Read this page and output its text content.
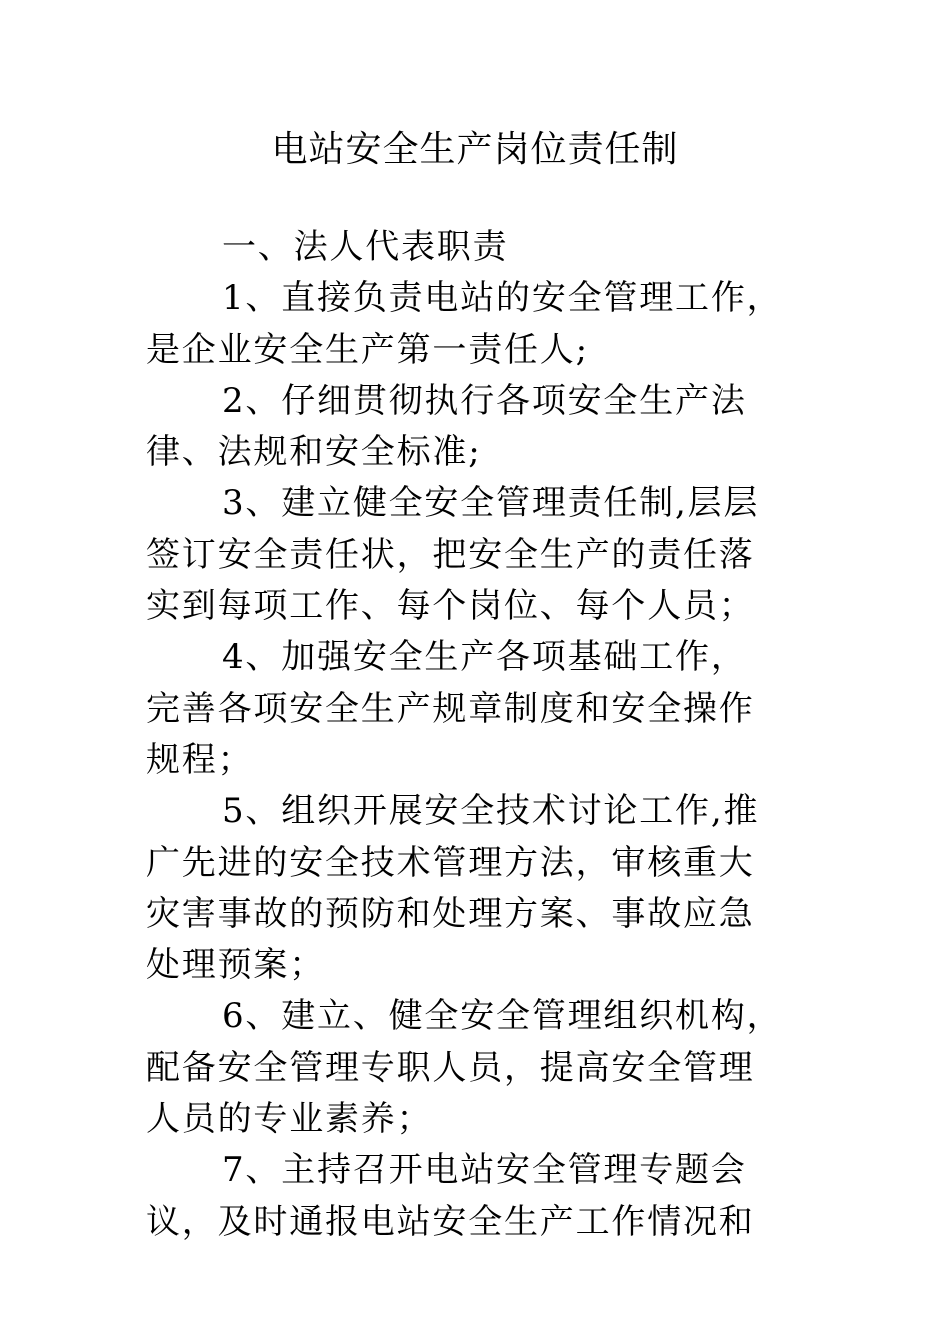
电站安全生产岗位责任制
一、法人代表职责
1、直接负责电站的安全管理工作，
是企业安全生产第一责任人;
2、仔细贯彻执行各项安全生产法
律、法规和安全标准;
3、建立健全安全管理责任制,层层
签订安全责任状，把安全生产的责任落
实到每项工作、每个岗位、每个人员；
4、加强安全生产各项基础工作，
完善各项安全生产规章制度和安全操作
规程；
5、组织开展安全技术讨论工作,推
广先进的安全技术管理方法，审核重大
灾害事故的预防和处理方案、事故应急
处理预案；
6、建立、健全安全管理组织机构，
配备安全管理专职人员，提高安全管理
人员的专业素养；
7、主持召开电站安全管理专题会
议，及时通报电站安全生产工作情况和
